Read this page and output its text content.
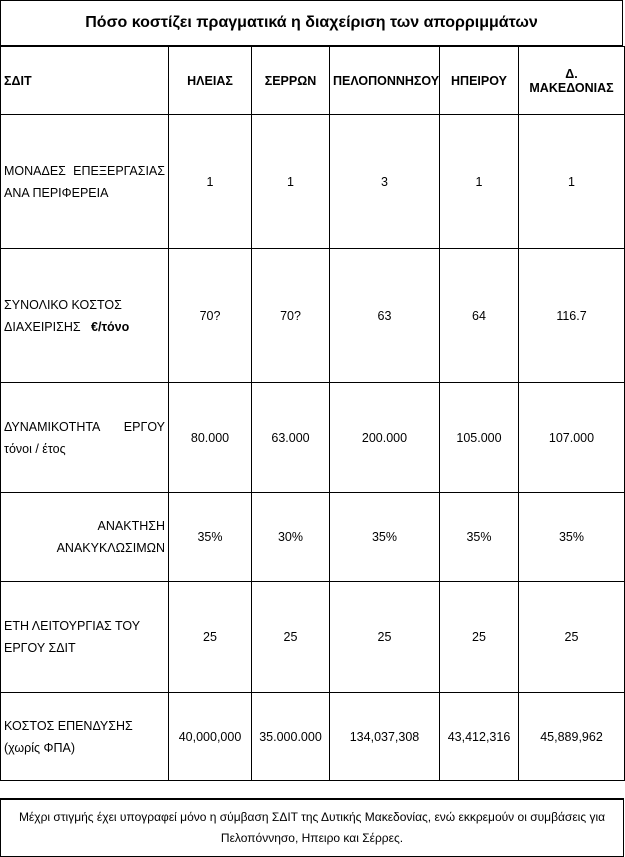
Πόσο κοστίζει πραγματικά η διαχείριση των απορριμμάτων
ΣΔΙΤ	ΗΛΕΙΑΣ	ΣΕΡΡΩΝ	ΠΕΛΟΠΟΝΝΗΣΟΥ	ΗΠΕΙΡΟΥ	Δ. ΜΑΚΕΔΟΝΙΑΣ

ΜΟΝΑΔΕΣ ΕΠΕΞΕΡΓΑΣΙΑΣ
ΑΝΑ ΠΕΡΙΦΕΡΕΙΑ	1	1	3	1	1
ΣΥΝΟΛΙΚΟ ΚΟΣΤΟΣ
ΔΙΑΧΕΙΡΙΣΗΣ €/τόνο	70?	70?	63	64	116.7

ΔΥΝΑΜΙΚΟΤΗΤΑ ΕΡΓΟΥ
τόνοι / έτος	80.000	63.000	200.000	105.000	107.000

ΑΝΑΚΤΗΣΗ
ΑΝΑΚΥΚΛΩΣΙΜΩΝ	35%	30%	35%	35%	35%
ΕΤΗ ΛΕΙΤΟΥΡΓΙΑΣ ΤΟΥ
ΕΡΓΟΥ ΣΔΙΤ	25	25	25	25	25
ΚΟΣΤΟΣ ΕΠΕΝΔΥΣΗΣ
(χωρίς ΦΠΑ)	40,000,000	35.000.000	134,037,308	43,412,316	45,889,962
Μέχρι στιγμής έχει υπογραφεί μόνο η σύμβαση ΣΔΙΤ της Δυτικής Μακεδονίας, ενώ εκκρεμούν οι συμβάσεις για Πελοπόννησο, Ηπειρο και Σέρρες.
